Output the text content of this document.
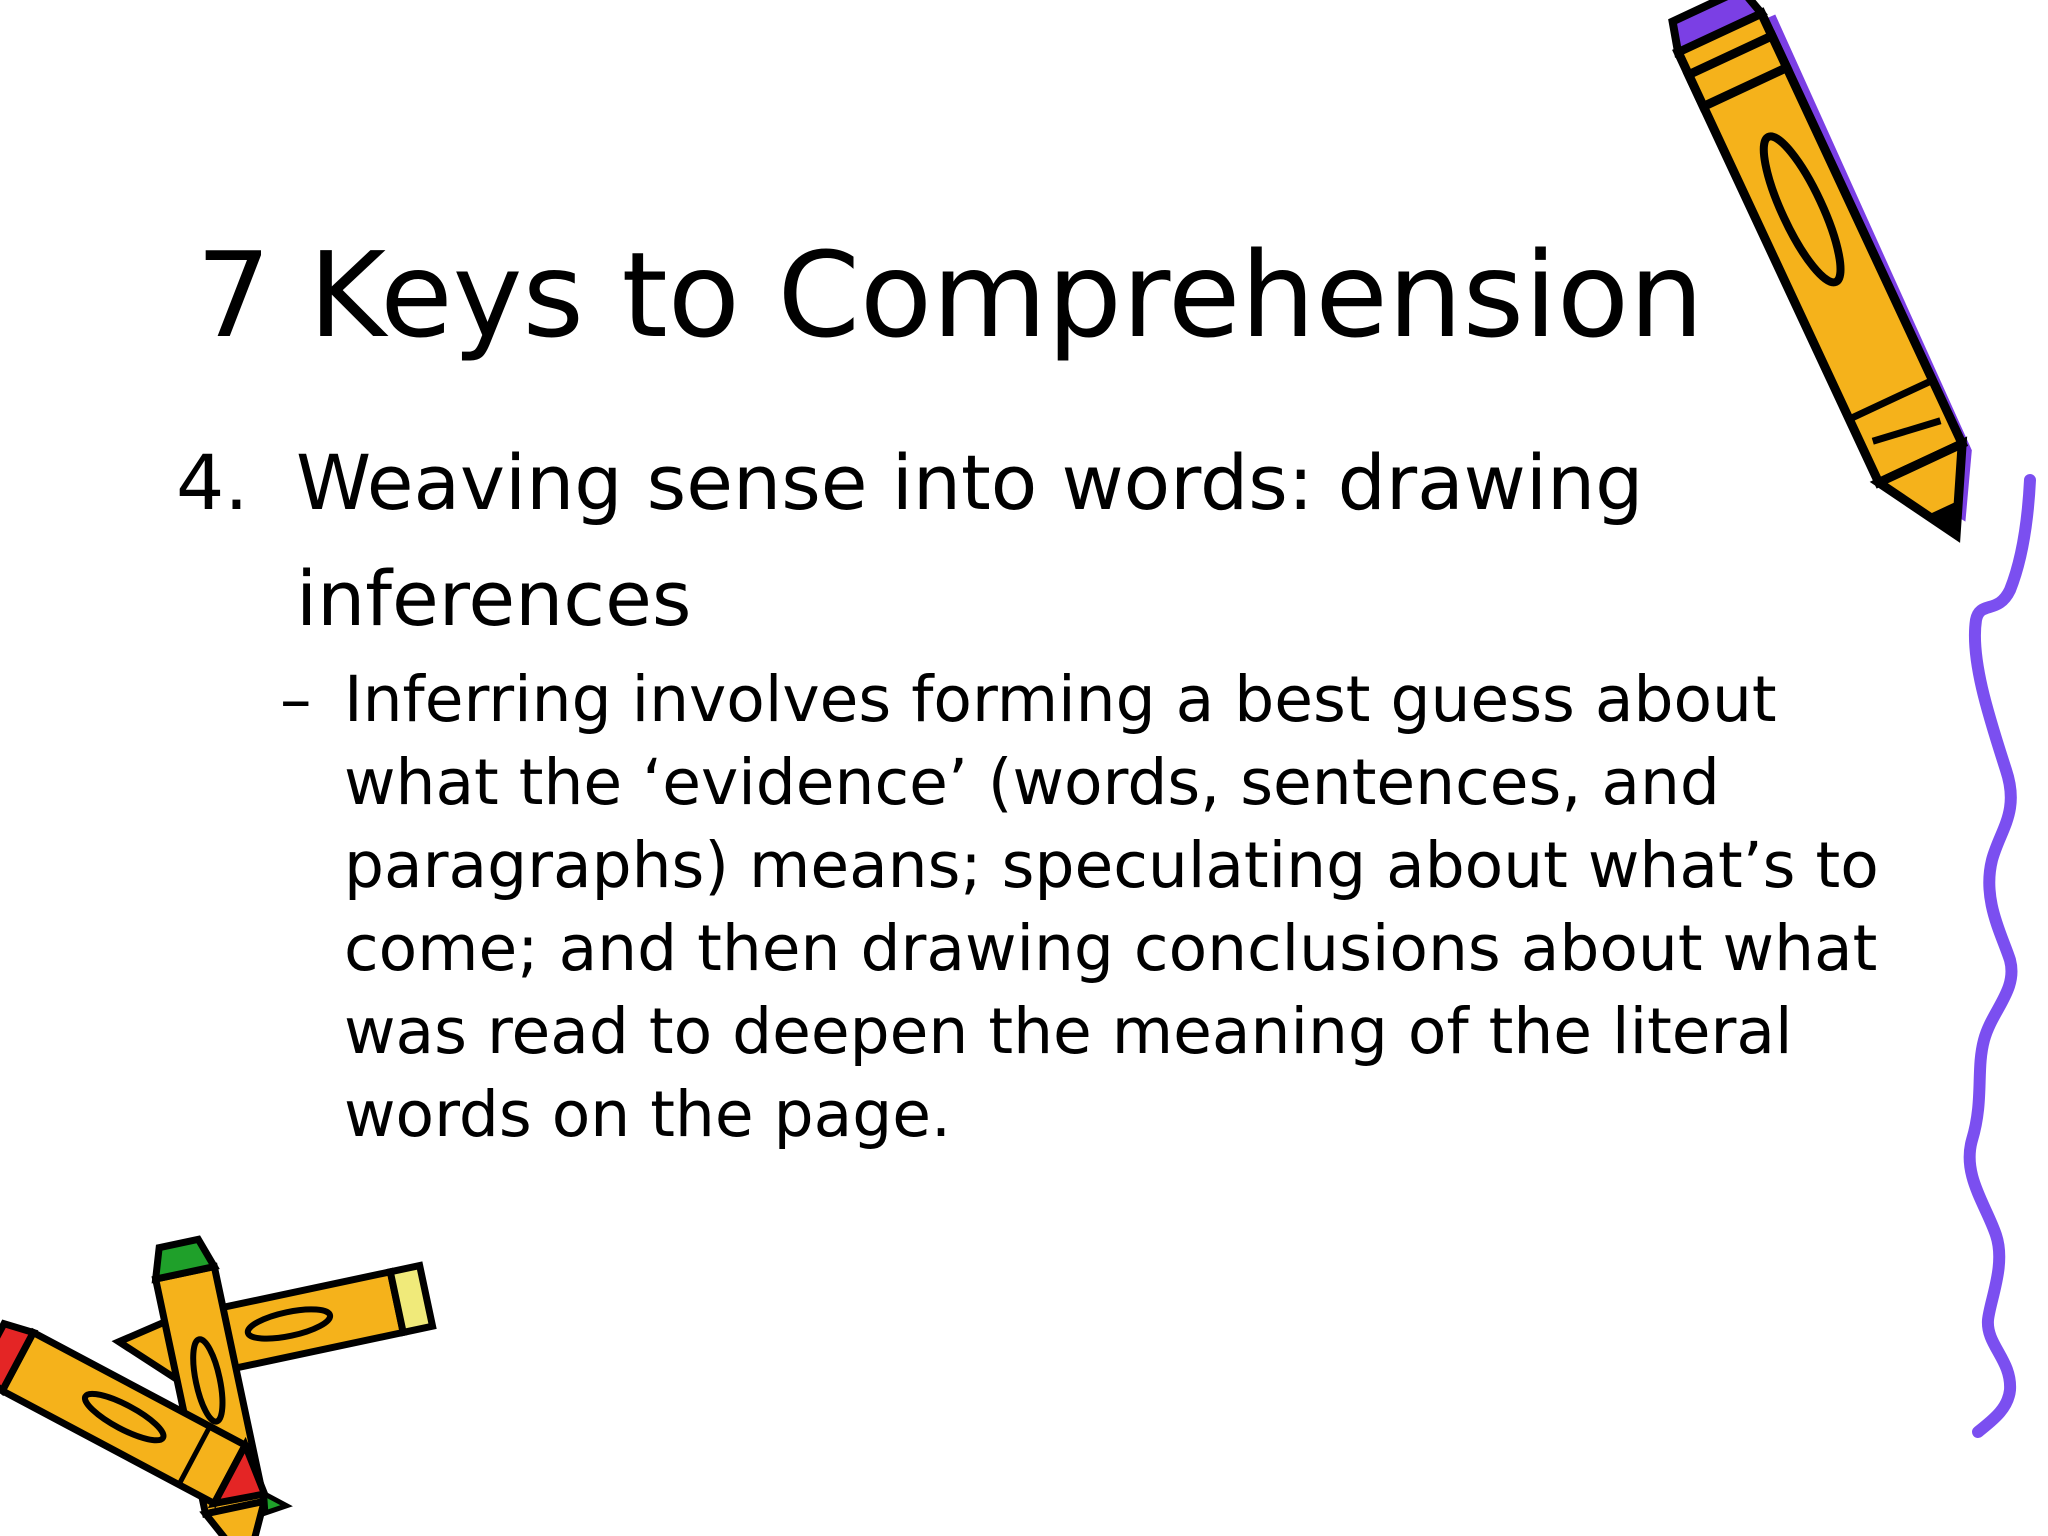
7 Keys to Comprehension
4. Weaving sense into words: drawing inferences
– Inferring involves forming a best guess about what the ‘evidence’ (words, sentences, and paragraphs) means; speculating about what’s to come; and then drawing conclusions about what was read to deepen the meaning of the literal words on the page.
